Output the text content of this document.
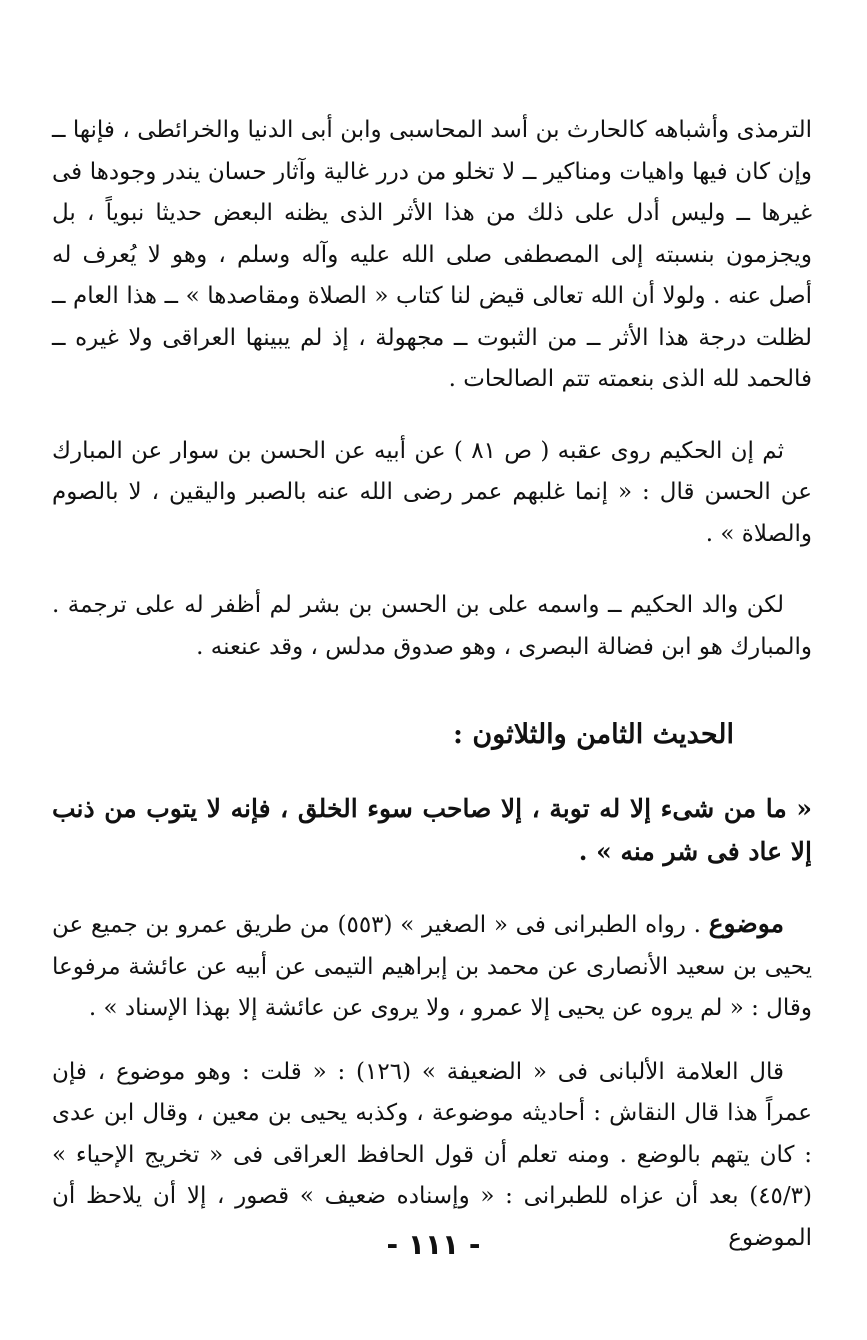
الترمذى وأشباهه كالحارث بن أسد المحاسبى وابن أبى الدنيا والخرائطى ، فإنها ــ وإن كان فيها واهيات ومناكير ــ لا تخلو من درر غالية وآثار حسان يندر وجودها فى غيرها ــ وليس أدل على ذلك من هذا الأثر الذى يظنه البعض حديثا نبوياً ، بل ويجزمون بنسبته إلى المصطفى صلى الله عليه وآله وسلم ، وهو لا يُعرف له أصل عنه . ولولا أن الله تعالى قيض لنا كتاب « الصلاة ومقاصدها » ــ هذا العام ــ لظلت درجة هذا الأثر ــ من الثبوت ــ مجهولة ، إذ لم يبينها العراقى ولا غيره ــ فالحمد لله الذى بنعمته تتم الصالحات .

ثم إن الحكيم روى عقبه ( ص ٨١ ) عن أبيه عن الحسن بن سوار عن المبارك عن الحسن قال : « إنما غلبهم عمر رضى الله عنه بالصبر واليقين ، لا بالصوم والصلاة » .

لكن والد الحكيم ــ واسمه على بن الحسن بن بشر لم أظفر له على ترجمة . والمبارك هو ابن فضالة البصرى ، وهو صدوق مدلس ، وقد عنعنه .

الحديث الثامن والثلاثون :

« ما من شىء إلا له توبة ، إلا صاحب سوء الخلق ، فإنه لا يتوب من ذنب إلا عاد فى شر منه » .

موضوع . رواه الطبرانى فى « الصغير » (٥٥٣) من طريق عمرو بن جميع عن يحيى بن سعيد الأنصارى عن محمد بن إبراهيم التيمى عن أبيه عن عائشة مرفوعا وقال : « لم يروه عن يحيى إلا عمرو ، ولا يروى عن عائشة إلا بهذا الإسناد » .

قال العلامة الألبانى فى « الضعيفة » (١٢٦) : « قلت : وهو موضوع ، فإن عمراً هذا قال النقاش : أحاديثه موضوعة ، وكذبه يحيى بن معين ، وقال ابن عدى : كان يتهم بالوضع . ومنه تعلم أن قول الحافظ العراقى فى « تخريج الإحياء » (٤٥/٣) بعد أن عزاه للطبرانى : « وإسناده ضعيف » قصور ، إلا أن يلاحظ أن الموضوع

- ١١١ -
